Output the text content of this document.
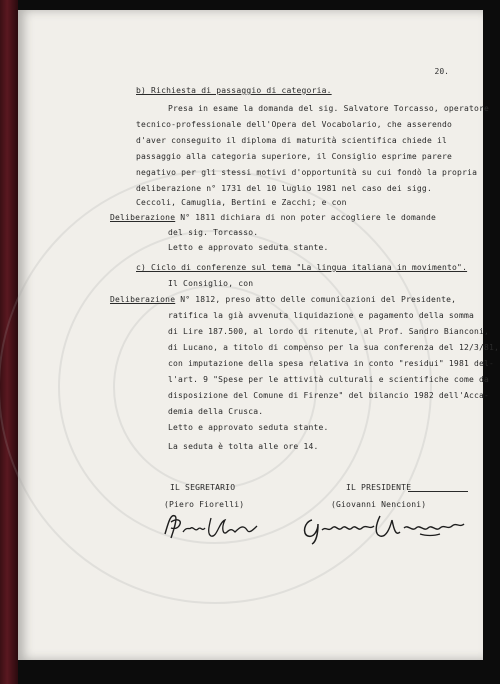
20.
b) Richiesta di passaggio di categoria.
Presa in esame la domanda del sig. Salvatore Torcasso, operatore
tecnico-professionale dell'Opera del Vocabolario, che asserendo
d'aver conseguito il diploma di maturità scientifica chiede il
passaggio alla categoria superiore, il Consiglio esprime parere
negativo per gli stessi motivi d'opportunità su cui fondò la propria
deliberazione n° 1731 del 10 luglio 1981 nel caso dei sigg.
Ceccoli, Camuglia, Bertini e Zacchi; e con
Deliberazione N° 1811 dichiara di non poter accogliere le domande
del sig. Torcasso.
Letto e approvato seduta stante.
c) Ciclo di conferenze sul tema "La lingua italiana in movimento".
Il Consiglio, con
Deliberazione N° 1812, preso atto delle comunicazioni del Presidente,
ratifica la già avvenuta liquidazione e pagamento della somma
di Lire 187.500, al lordo di ritenute, al Prof. Sandro Bianconi,
di Lucano, a titolo di compenso per la sua conferenza del 12/3/81,
con imputazione della spesa relativa in conto "residui" 1981 del-
l'art. 9 "Spese per le attività culturali e scientifiche come da
disposizione del Comune di Firenze" del bilancio 1982 dell'Acca-
demia della Crusca.
Letto e approvato seduta stante.
La seduta è tolta alle ore 14.
IL SEGRETARIO
(Piero Fiorelli)
IL PRESIDENTE
(Giovanni Nencioni)
